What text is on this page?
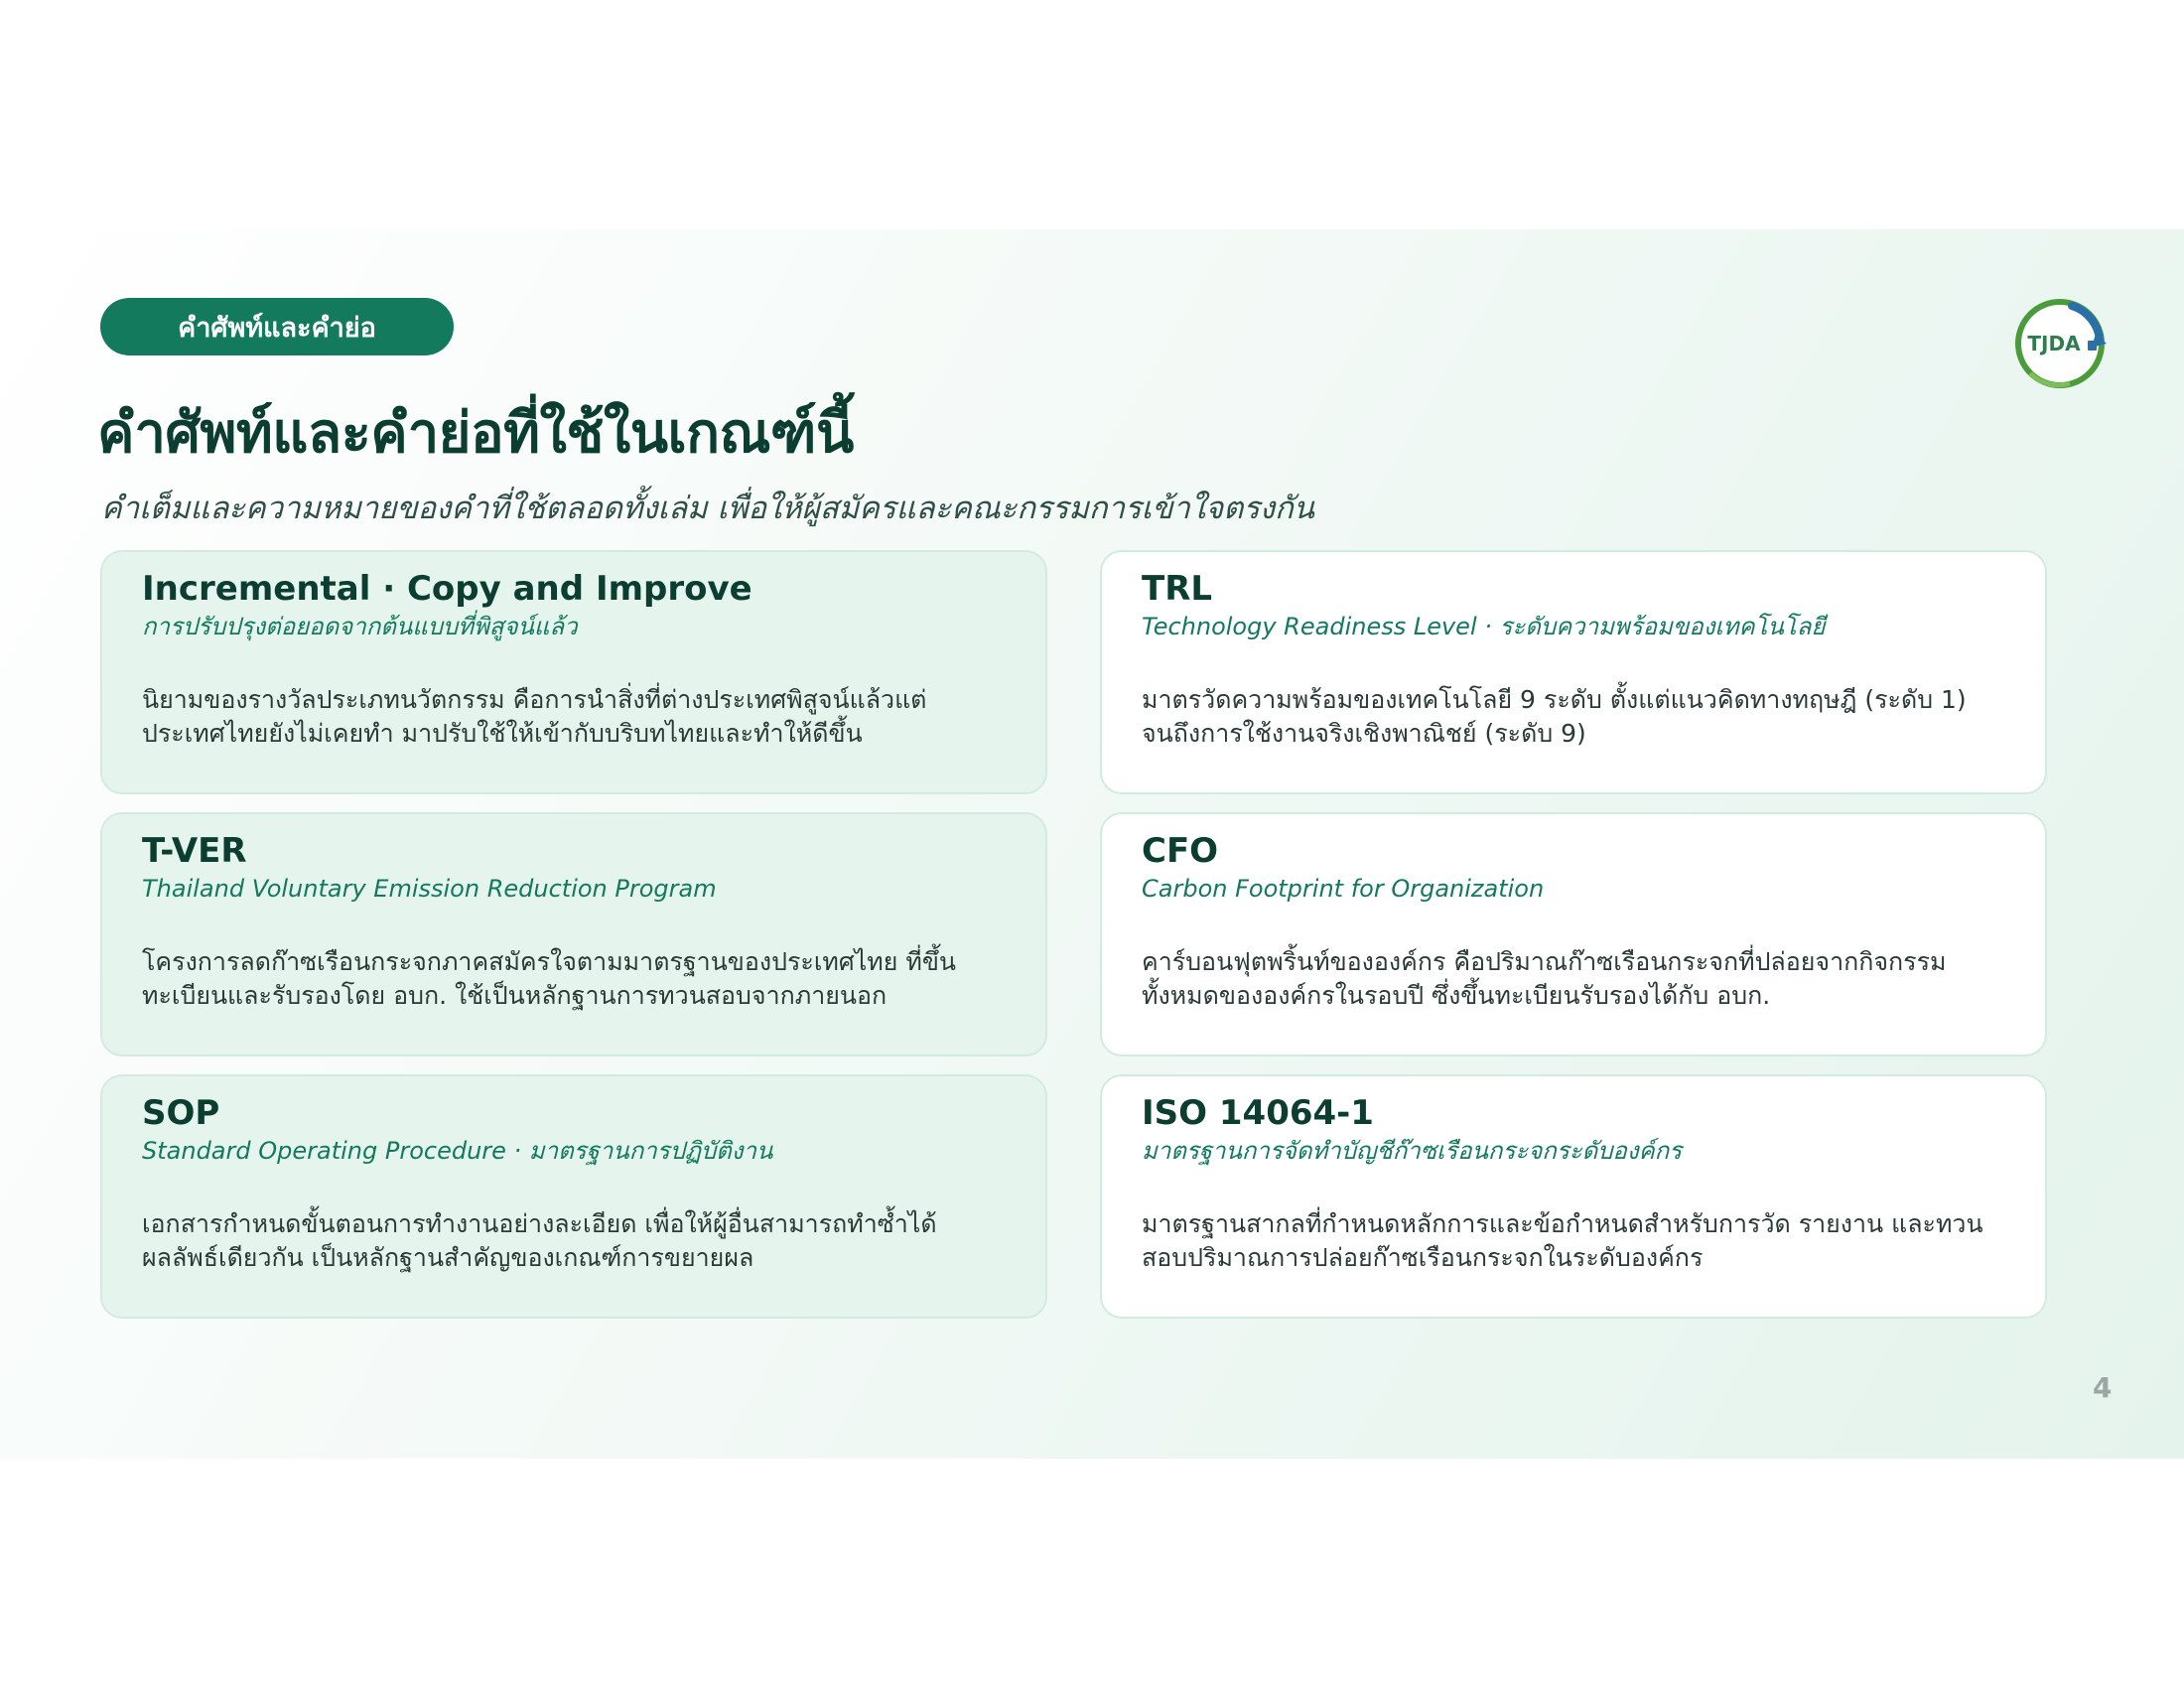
คำศัพท์และคำย่อ
คำศัพท์และคำย่อที่ใช้ในเกณฑ์นี้
คำเต็มและความหมายของคำที่ใช้ตลอดทั้งเล่ม เพื่อให้ผู้สมัครและคณะกรรมการเข้าใจตรงกัน
TJDA
Incremental · Copy and Improve
การปรับปรุงต่อยอดจากต้นแบบที่พิสูจน์แล้ว
นิยามของรางวัลประเภทนวัตกรรม คือการนำสิ่งที่ต่างประเทศพิสูจน์แล้วแต่ประเทศไทยยังไม่เคยทำ มาปรับใช้ให้เข้ากับบริบทไทยและทำให้ดีขึ้น
TRL
Technology Readiness Level · ระดับความพร้อมของเทคโนโลยี
มาตรวัดความพร้อมของเทคโนโลยี 9 ระดับ ตั้งแต่แนวคิดทางทฤษฎี (ระดับ 1) จนถึงการใช้งานจริงเชิงพาณิชย์ (ระดับ 9)
T-VER
Thailand Voluntary Emission Reduction Program
โครงการลดก๊าซเรือนกระจกภาคสมัครใจตามมาตรฐานของประเทศไทย ที่ขึ้นทะเบียนและรับรองโดย อบก. ใช้เป็นหลักฐานการทวนสอบจากภายนอก
CFO
Carbon Footprint for Organization
คาร์บอนฟุตพริ้นท์ขององค์กร คือปริมาณก๊าซเรือนกระจกที่ปล่อยจากกิจกรรมทั้งหมดขององค์กรในรอบปี ซึ่งขึ้นทะเบียนรับรองได้กับ อบก.
SOP
Standard Operating Procedure · มาตรฐานการปฏิบัติงาน
เอกสารกำหนดขั้นตอนการทำงานอย่างละเอียด เพื่อให้ผู้อื่นสามารถทำซ้ำได้ผลลัพธ์เดียวกัน เป็นหลักฐานสำคัญของเกณฑ์การขยายผล
ISO 14064-1
มาตรฐานการจัดทำบัญชีก๊าซเรือนกระจกระดับองค์กร
มาตรฐานสากลที่กำหนดหลักการและข้อกำหนดสำหรับการวัด รายงาน และทวนสอบปริมาณการปล่อยก๊าซเรือนกระจกในระดับองค์กร
4
